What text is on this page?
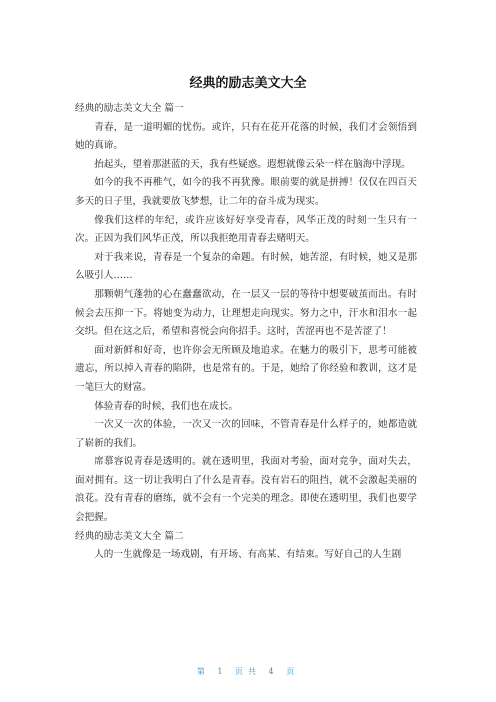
经典的励志美文大全

经典的励志美文大全 篇一

青春，是一道明媚的忧伤。或许，只有在花开花落的时候，我们才会领悟到她的真谛。

抬起头，望着那湛蓝的天，我有些疑惑。遐想就像云朵一样在脑海中浮现。

如今的我不再稚气，如今的我不再犹豫。眼前要的就是拼搏！仅仅在四百天多天的日子里，我就要放飞梦想，让二年的奋斗成为现实。

像我们这样的年纪，或许应该好好享受青春，风华正茂的时刻一生只有一次。正因为我们风华正茂，所以我拒绝用青春去赌明天。

对于我来说，青春是一个复杂的命题。有时候，她苦涩，有时候，她又是那么吸引人……

那颗朝气蓬勃的心在蠢蠢欲动，在一层又一层的等待中想要破茧而出。有时候会去压抑一下。将她变为动力，让理想走向现实。努力之中，汗水和泪水一起交织。但在这之后，希望和喜悦会向你招手。这时，苦涩再也不是苦涩了！

面对新鲜和好奇，也许你会无所顾及地追求。在魅力的吸引下，思考可能被遗忘，所以掉入青春的陷阱，也是常有的。于是，她给了你经验和教训，这才是一笔巨大的财富。

体验青春的时候，我们也在成长。

一次又一次的体验，一次又一次的回味，不管青春是什么样子的，她都造就了崭新的我们。

席慕容说青春是透明的。就在透明里，我面对考验，面对竞争，面对失去，面对拥有。这一切让我明白了什么是青春。没有岩石的阻挡，就不会激起美丽的浪花。没有青春的磨练，就不会有一个完美的理念。即使在透明里，我们也要学会把握。

经典的励志美文大全 篇二

人的一生就像是一场戏剧，有开场、有高某、有结束。写好自己的人生剧

第 1 页共 4 页
